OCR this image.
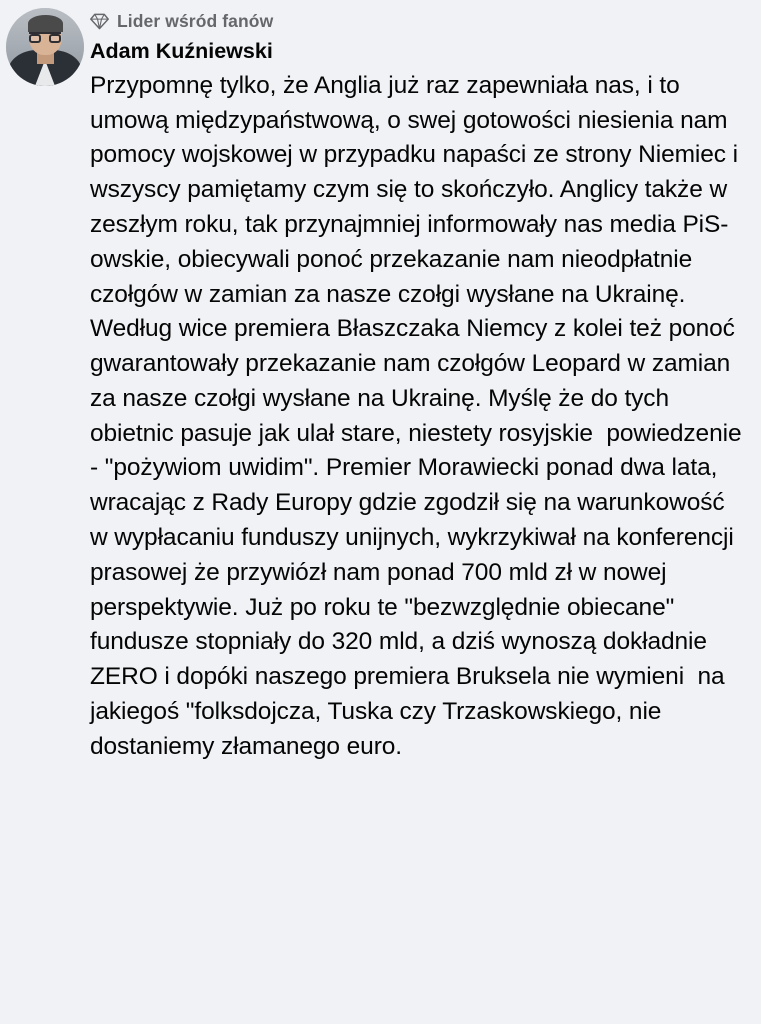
Lider wśród fanów
Adam Kuźniewski
Przypomnę tylko, że Anglia już raz zapewniała nas, i to umową międzypaństwową, o swej gotowości niesienia nam pomocy wojskowej w przypadku napaści ze strony Niemiec i wszyscy pamiętamy czym się to skończyło. Anglicy także w zeszłym roku, tak przynajmniej informowały nas media PiS-owskie, obiecywali ponoć przekazanie nam nieodpłatnie czołgów w zamian za nasze czołgi wysłane na Ukrainę. Według wice premiera Błaszczaka Niemcy z kolei też ponoć gwarantowały przekazanie nam czołgów Leopard w zamian za nasze czołgi wysłane na Ukrainę. Myślę że do tych obietnic pasuje jak ulał stare, niestety rosyjskie  powiedzenie - "pożywiom uwidim". Premier Morawiecki ponad dwa lata, wracając z Rady Europy gdzie zgodził się na warunkowość w wypłacaniu funduszy unijnych, wykrzykiwał na konferencji prasowej że przywiózł nam ponad 700 mld zł w nowej perspektywie. Już po roku te "bezwzględnie obiecane" fundusze stopniały do 320 mld, a dziś wynoszą dokładnie ZERO i dopóki naszego premiera Bruksela nie wymieni  na jakiegoś "folksdojcza, Tuska czy Trzaskowskiego, nie dostaniemy złamanego euro.
